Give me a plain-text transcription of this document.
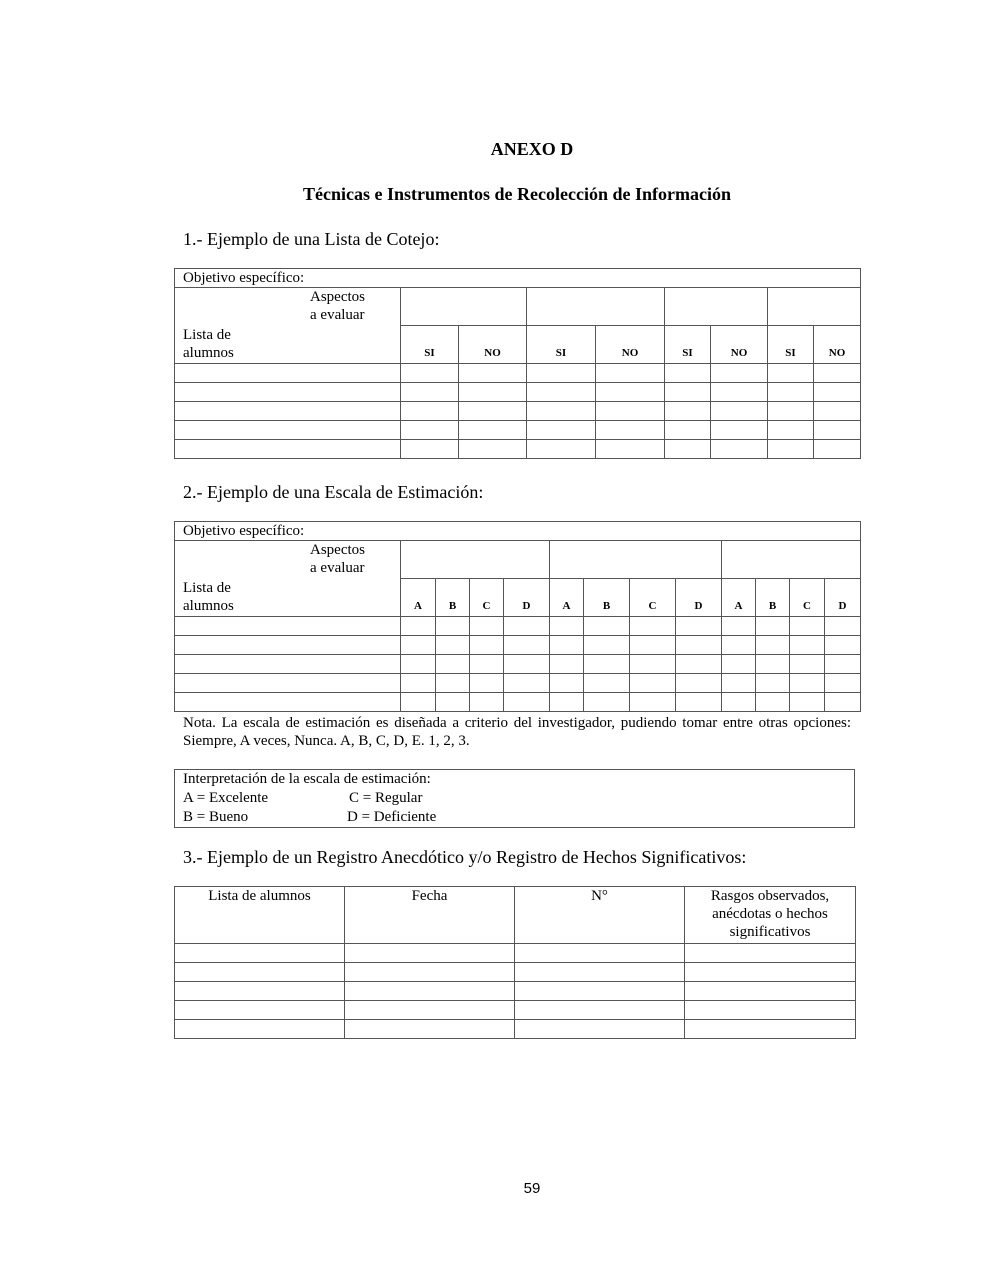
ANEXO D
Técnicas e Instrumentos de Recolección de Información
1.- Ejemplo de una Lista de Cotejo:
Objetivo específico:								

Aspectos
a evaluar
Lista de
alumnos								

	SI	NO	SI	NO	SI	NO	SI	NO

2.- Ejemplo de una Escala de Estimación:
Objetivo específico:												

Aspectos
a evaluar
Lista de
alumnos												

	A	B	C	D	A	B	C	D	A	B	C	D

Nota. La escala de estimación es diseñada a criterio del investigador, pudiendo tomar entre otras opciones: Siempre, A veces, Nunca. A, B, C, D, E. 1, 2, 3.
Interpretación de la escala de estimación:
A = Excelente	C = Regular
B = Bueno	D = Deficiente
3.- Ejemplo de un Registro Anecdótico y/o Registro de Hechos Significativos:
Lista de alumnos	Fecha	N°	Rasgos observados,
anécdotas o hechos
significativos

59
